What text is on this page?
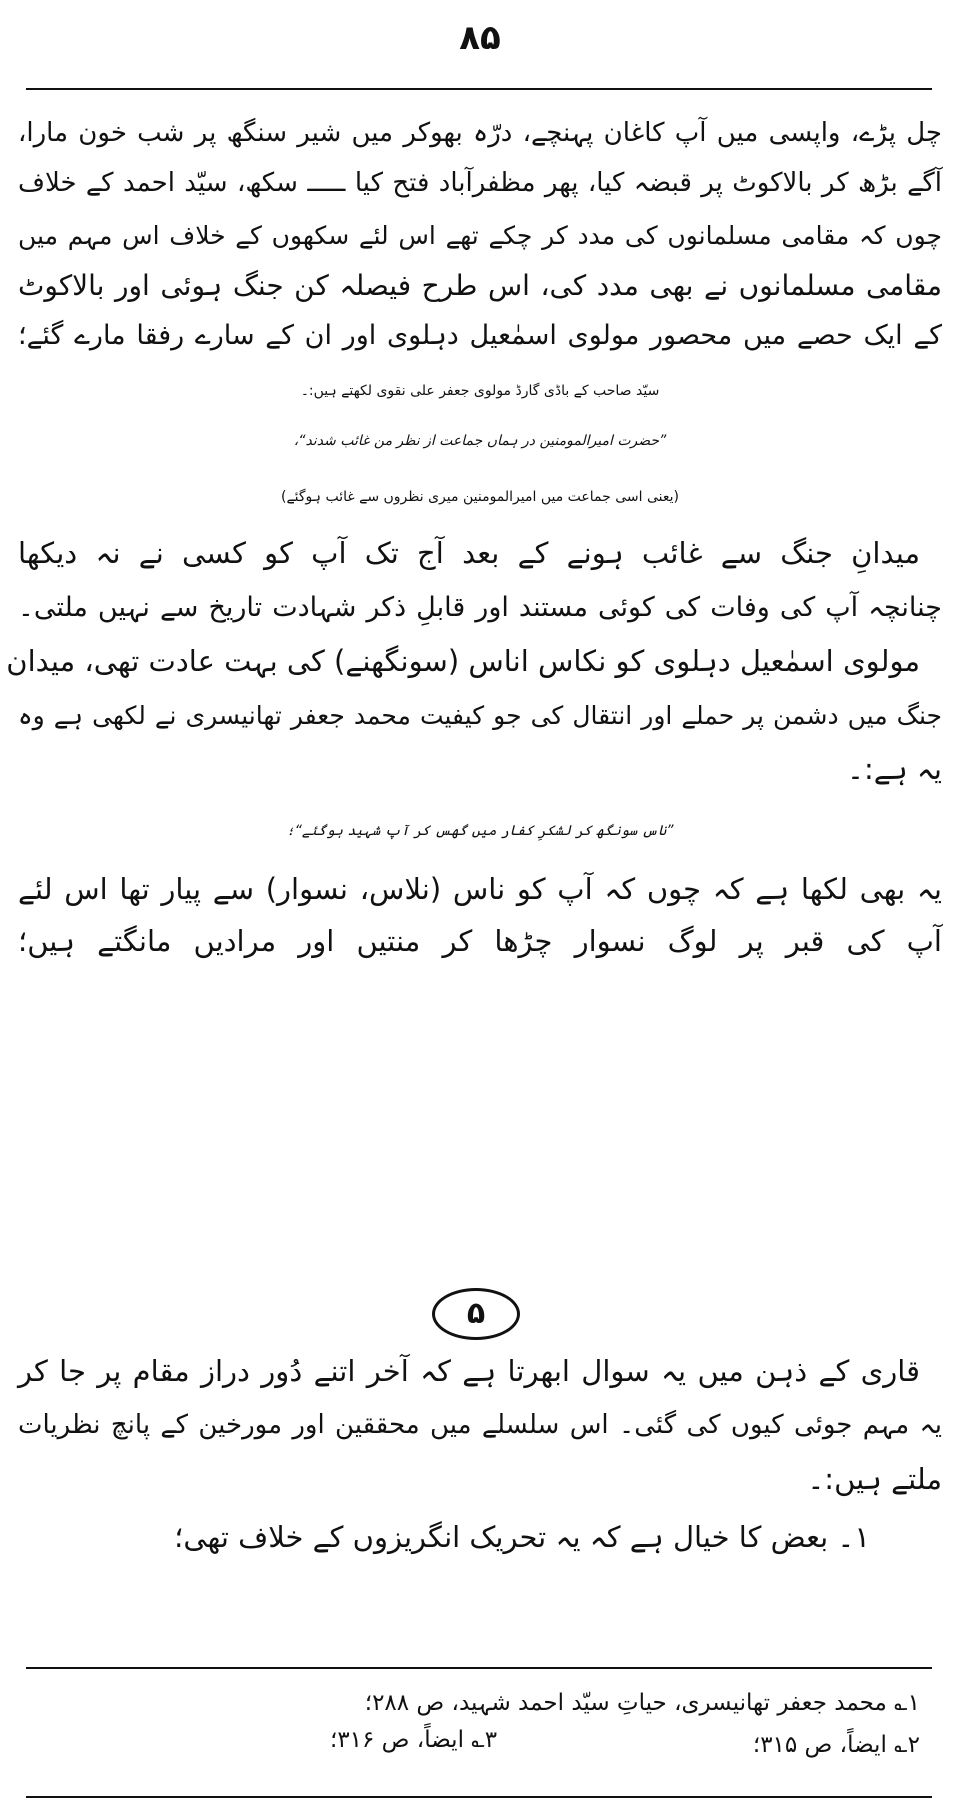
۸۵
چل پڑے، واپسی میں آپ کاغان پہنچے، درّہ بھوکر میں شیر سنگھ پر شب خون مارا،
آگے بڑھ کر بالاکوٹ پر قبضہ کیا، پھر مظفرآباد فتح کیا ـــــ سکھ، سیّد احمد کے خلاف
چوں کہ مقامی مسلمانوں کی مدد کر چکے تھے اس لئے سکھوں کے خلاف اس مہم میں
مقامی مسلمانوں نے بھی مدد کی، اس طرح فیصلہ کن جنگ ہوئی اور بالاکوٹ
کے ایک حصے میں محصور مولوی اسمٰعیل دہلوی اور ان کے سارے رفقا مارے گئے؛
سیّد صاحب کے باڈی گارڈ مولوی جعفر علی نقوی لکھتے ہیں:۔
”حضرت امیرالمومنین در ہماں جماعت از نظر من غائب شدند“،
(یعنی اسی جماعت میں امیرالمومنین میری نظروں سے غائب ہوگئے)
میدانِ جنگ سے غائب ہونے کے بعد آج تک آپ کو کسی نے نہ دیکھا
چنانچہ آپ کی وفات کی کوئی مستند اور قابلِ ذکر شہادت تاریخ سے نہیں ملتی۔
مولوی اسمٰعیل دہلوی کو نکاس اناس (سونگھنے) کی بہت عادت تھی، میدان
جنگ میں دشمن پر حملے اور انتقال کی جو کیفیت محمد جعفر تھانیسری نے لکھی ہے وہ
یہ ہے:۔
”ناس سونگھ کر لشکرِ کفار میں گھس کر آپ شہید ہوگئے“؛
یہ بھی لکھا ہے کہ چوں کہ آپ کو ناس (نلاس، نسوار) سے پیار تھا اس لئے
آپ کی قبر پر لوگ نسوار چڑھا کر منتیں اور مرادیں مانگتے ہیں؛
۵
قاری کے ذہن میں یہ سوال ابھرتا ہے کہ آخر اتنے دُور دراز مقام پر جا کر
یہ مہم جوئی کیوں کی گئی۔ اس سلسلے میں محققین اور مورخین کے پانچ نظریات
ملتے ہیں:۔
۱۔ بعض کا خیال ہے کہ یہ تحریک انگریزوں کے خلاف تھی؛
۱؎ محمد جعفر تھانیسری، حیاتِ سیّد احمد شہید، ص ۲۸۸؛
۲؎ ایضاً، ص ۳۱۵؛
۳؎ ایضاً، ص ۳۱۶؛
